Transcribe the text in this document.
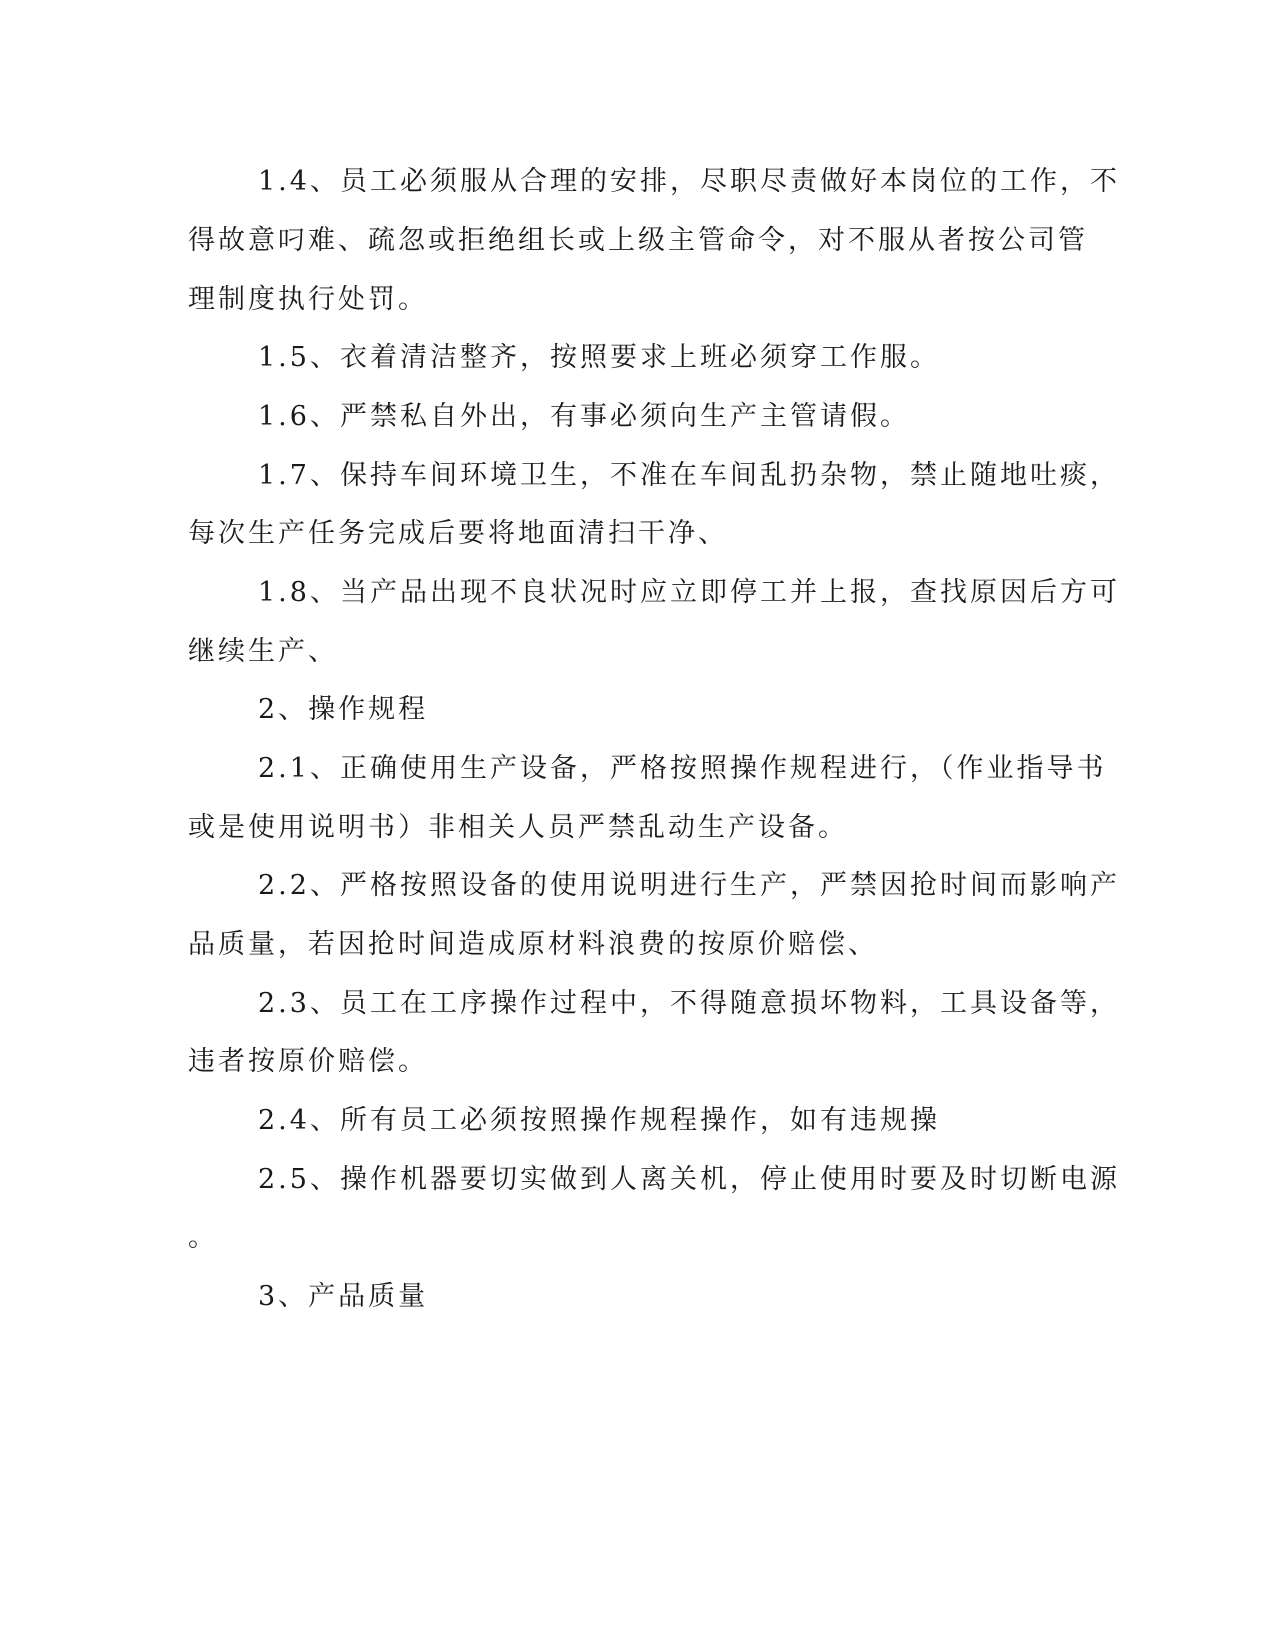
1.4、员工必须服从合理的安排，尽职尽责做好本岗位的工作，不
得故意叼难、疏忽或拒绝组长或上级主管命令，对不服从者按公司管
理制度执行处罚。
1.5、衣着清洁整齐，按照要求上班必须穿工作服。
1.6、严禁私自外出，有事必须向生产主管请假。
1.7、保持车间环境卫生，不准在车间乱扔杂物，禁止随地吐痰，
每次生产任务完成后要将地面清扫干净、
1.8、当产品出现不良状况时应立即停工并上报，查找原因后方可
继续生产、
2、操作规程
2.1、正确使用生产设备，严格按照操作规程进行，（作业指导书
或是使用说明书）非相关人员严禁乱动生产设备。
2.2、严格按照设备的使用说明进行生产，严禁因抢时间而影响产
品质量，若因抢时间造成原材料浪费的按原价赔偿、
2.3、员工在工序操作过程中，不得随意损坏物料，工具设备等，
违者按原价赔偿。
2.4、所有员工必须按照操作规程操作，如有违规操
2.5、操作机器要切实做到人离关机，停止使用时要及时切断电源
。
3、产品质量
